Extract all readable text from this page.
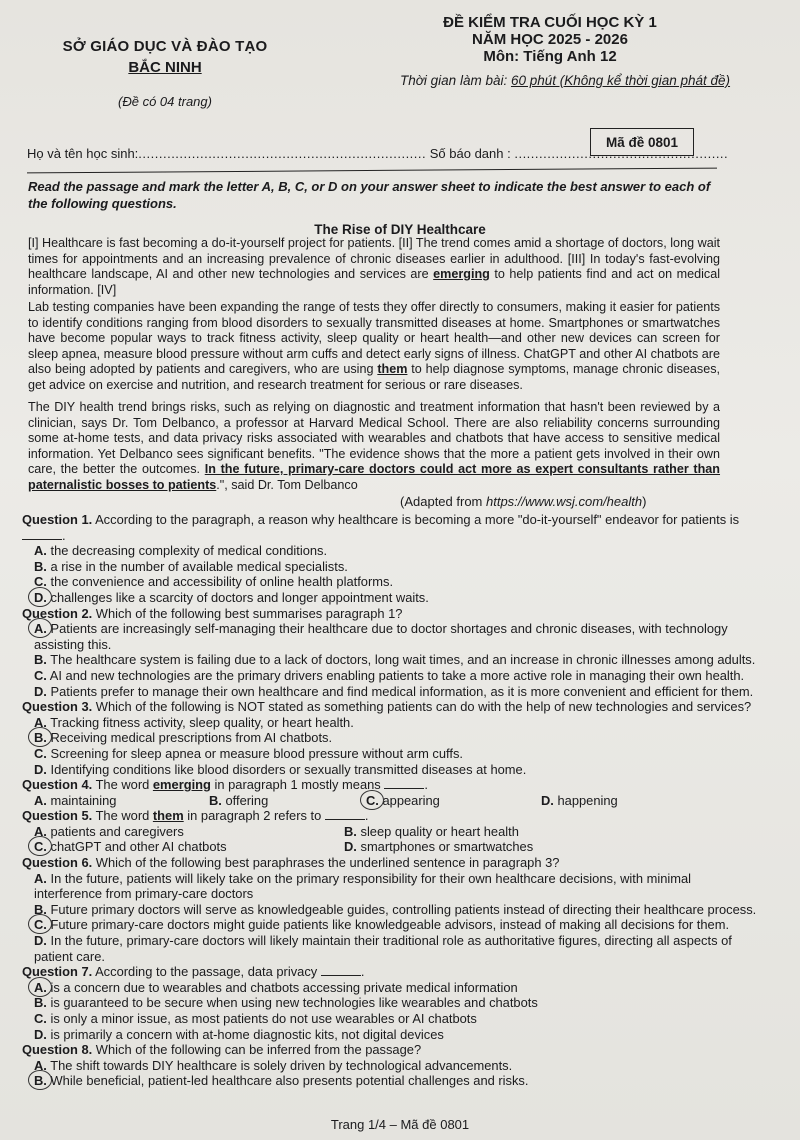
SỞ GIÁO DỤC VÀ ĐÀO TẠO
BẮC NINH
(Đề có 04 trang)
ĐỀ KIỂM TRA CUỐI HỌC KỲ 1
NĂM HỌC 2025 - 2026
Môn: Tiếng Anh 12
Thời gian làm bài: 60 phút (Không kể thời gian phát đề)
Mã đề 0801
Họ và tên học sinh:...................................................................... Số báo danh : ....................................................
Read the passage and mark the letter A, B, C, or D on your answer sheet to indicate the best answer to each of the following questions.
The Rise of DIY Healthcare
[I] Healthcare is fast becoming a do-it-yourself project for patients. [II] The trend comes amid a shortage of doctors, long wait times for appointments and an increasing prevalence of chronic diseases earlier in adulthood. [III] In today's fast-evolving healthcare landscape, AI and other new technologies and services are emerging to help patients find and act on medical information. [IV]
Lab testing companies have been expanding the range of tests they offer directly to consumers, making it easier for patients to identify conditions ranging from blood disorders to sexually transmitted diseases at home. Smartphones or smartwatches have become popular ways to track fitness activity, sleep quality or heart health—and other new devices can screen for sleep apnea, measure blood pressure without arm cuffs and detect early signs of illness. ChatGPT and other AI chatbots are also being adopted by patients and caregivers, who are using them to help diagnose symptoms, manage chronic diseases, get advice on exercise and nutrition, and research treatment for serious or rare diseases.
The DIY health trend brings risks, such as relying on diagnostic and treatment information that hasn't been reviewed by a clinician, says Dr. Tom Delbanco, a professor at Harvard Medical School. There are also reliability concerns surrounding some at-home tests, and data privacy risks associated with wearables and chatbots that have access to sensitive medical information. Yet Delbanco sees significant benefits. "The evidence shows that the more a patient gets involved in their own care, the better the outcomes. In the future, primary-care doctors could act more as expert consultants rather than paternalistic bosses to patients.", said Dr. Tom Delbanco
(Adapted from https://www.wsj.com/health)
Question 1. According to the paragraph, a reason why healthcare is becoming a more "do-it-yourself" endeavor for patients is .
A. the decreasing complexity of medical conditions.
B. a rise in the number of available medical specialists.
C. the convenience and accessibility of online health platforms.
D. challenges like a scarcity of doctors and longer appointment waits.
Question 2. Which of the following best summarises paragraph 1?
A. Patients are increasingly self-managing their healthcare due to doctor shortages and chronic diseases, with technology assisting this.
B. The healthcare system is failing due to a lack of doctors, long wait times, and an increase in chronic illnesses among adults.
C. AI and new technologies are the primary drivers enabling patients to take a more active role in managing their own health.
D. Patients prefer to manage their own healthcare and find medical information, as it is more convenient and efficient for them.
Question 3. Which of the following is NOT stated as something patients can do with the help of new technologies and services?
A. Tracking fitness activity, sleep quality, or heart health.
B. Receiving medical prescriptions from AI chatbots.
C. Screening for sleep apnea or measure blood pressure without arm cuffs.
D. Identifying conditions like blood disorders or sexually transmitted diseases at home.
Question 4. The word emerging in paragraph 1 mostly means	.
A. maintaining	B. offering	C. appearing	D. happening
Question 5. The word them in paragraph 2 refers to	.
A. patients and caregivers	B. sleep quality or heart health
C. chatGPT and other AI chatbots	D. smartphones or smartwatches
Question 6. Which of the following best paraphrases the underlined sentence in paragraph 3?
A. In the future, patients will likely take on the primary responsibility for their own healthcare decisions, with minimal interference from primary-care doctors
B. Future primary doctors will serve as knowledgeable guides, controlling patients instead of directing their healthcare process.
C. Future primary-care doctors might guide patients like knowledgeable advisors, instead of making all decisions for them.
D. In the future, primary-care doctors will likely maintain their traditional role as authoritative figures, directing all aspects of patient care.
Question 7. According to the passage, data privacy	.
A. is a concern due to wearables and chatbots accessing private medical information
B. is guaranteed to be secure when using new technologies like wearables and chatbots
C. is only a minor issue, as most patients do not use wearables or AI chatbots
D. is primarily a concern with at-home diagnostic kits, not digital devices
Question 8. Which of the following can be inferred from the passage?
A. The shift towards DIY healthcare is solely driven by technological advancements.
B. While beneficial, patient-led healthcare also presents potential challenges and risks.
Trang 1/4 – Mã đề 0801
